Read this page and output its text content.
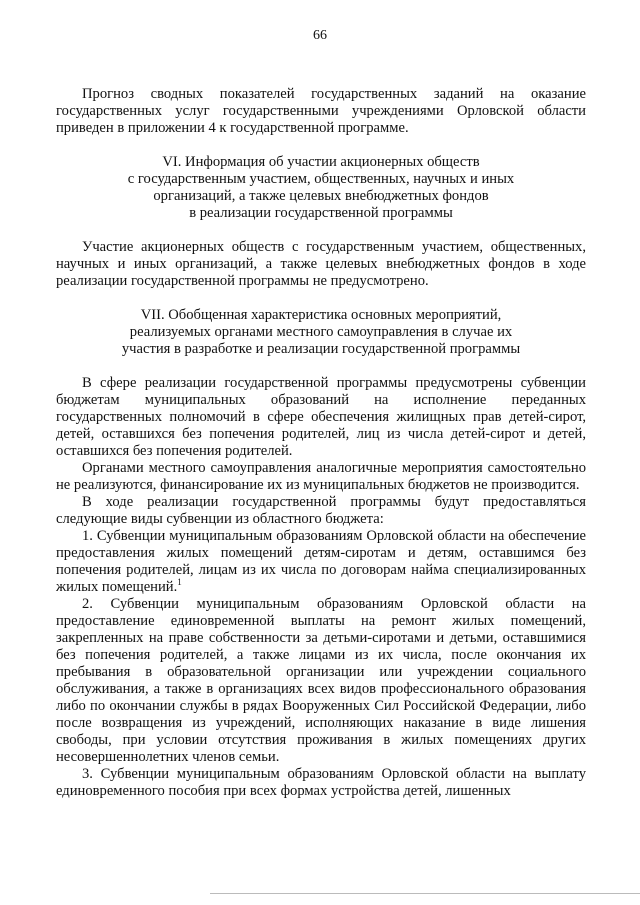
66

Прогноз сводных показателей государственных заданий на оказание государственных услуг государственными учреждениями Орловской области приведен в приложении 4 к государственной программе.

VI. Информация об участии акционерных обществ
с государственным участием, общественных, научных и иных
организаций, а также целевых внебюджетных фондов
в реализации государственной программы

Участие акционерных обществ с государственным участием, общественных, научных и иных организаций, а также целевых внебюджетных фондов в ходе реализации государственной программы не предусмотрено.

VII. Обобщенная характеристика основных мероприятий,
реализуемых органами местного самоуправления в случае их
участия в разработке и реализации государственной программы

В сфере реализации государственной программы предусмотрены субвенции бюджетам муниципальных образований на исполнение переданных государственных полномочий в сфере обеспечения жилищных прав детей-сирот, детей, оставшихся без попечения родителей, лиц из числа детей-сирот и детей, оставшихся без попечения родителей.

Органами местного самоуправления аналогичные мероприятия самостоятельно не реализуются, финансирование их из муниципальных бюджетов не производится.

В ходе реализации государственной программы будут предоставляться следующие виды субвенции из областного бюджета:

1. Субвенции муниципальным образованиям Орловской области на обеспечение предоставления жилых помещений детям-сиротам и детям, оставшимся без попечения родителей, лицам из их числа по договорам найма специализированных жилых помещений.$^1$

2. Субвенции муниципальным образованиям Орловской области на предоставление единовременной выплаты на ремонт жилых помещений, закрепленных на праве собственности за детьми-сиротами и детьми, оставшимися без попечения родителей, а также лицами из их числа, после окончания их пребывания в образовательной организации или учреждении социального обслуживания, а также в организациях всех видов профессионального образования либо по окончании службы в рядах Вооруженных Сил Российской Федерации, либо после возвращения из учреждений, исполняющих наказание в виде лишения свободы, при условии отсутствия проживания в жилых помещениях других несовершеннолетних членов семьи.

3. Субвенции муниципальным образованиям Орловской области на выплату единовременного пособия при всех формах устройства детей, лишенных
